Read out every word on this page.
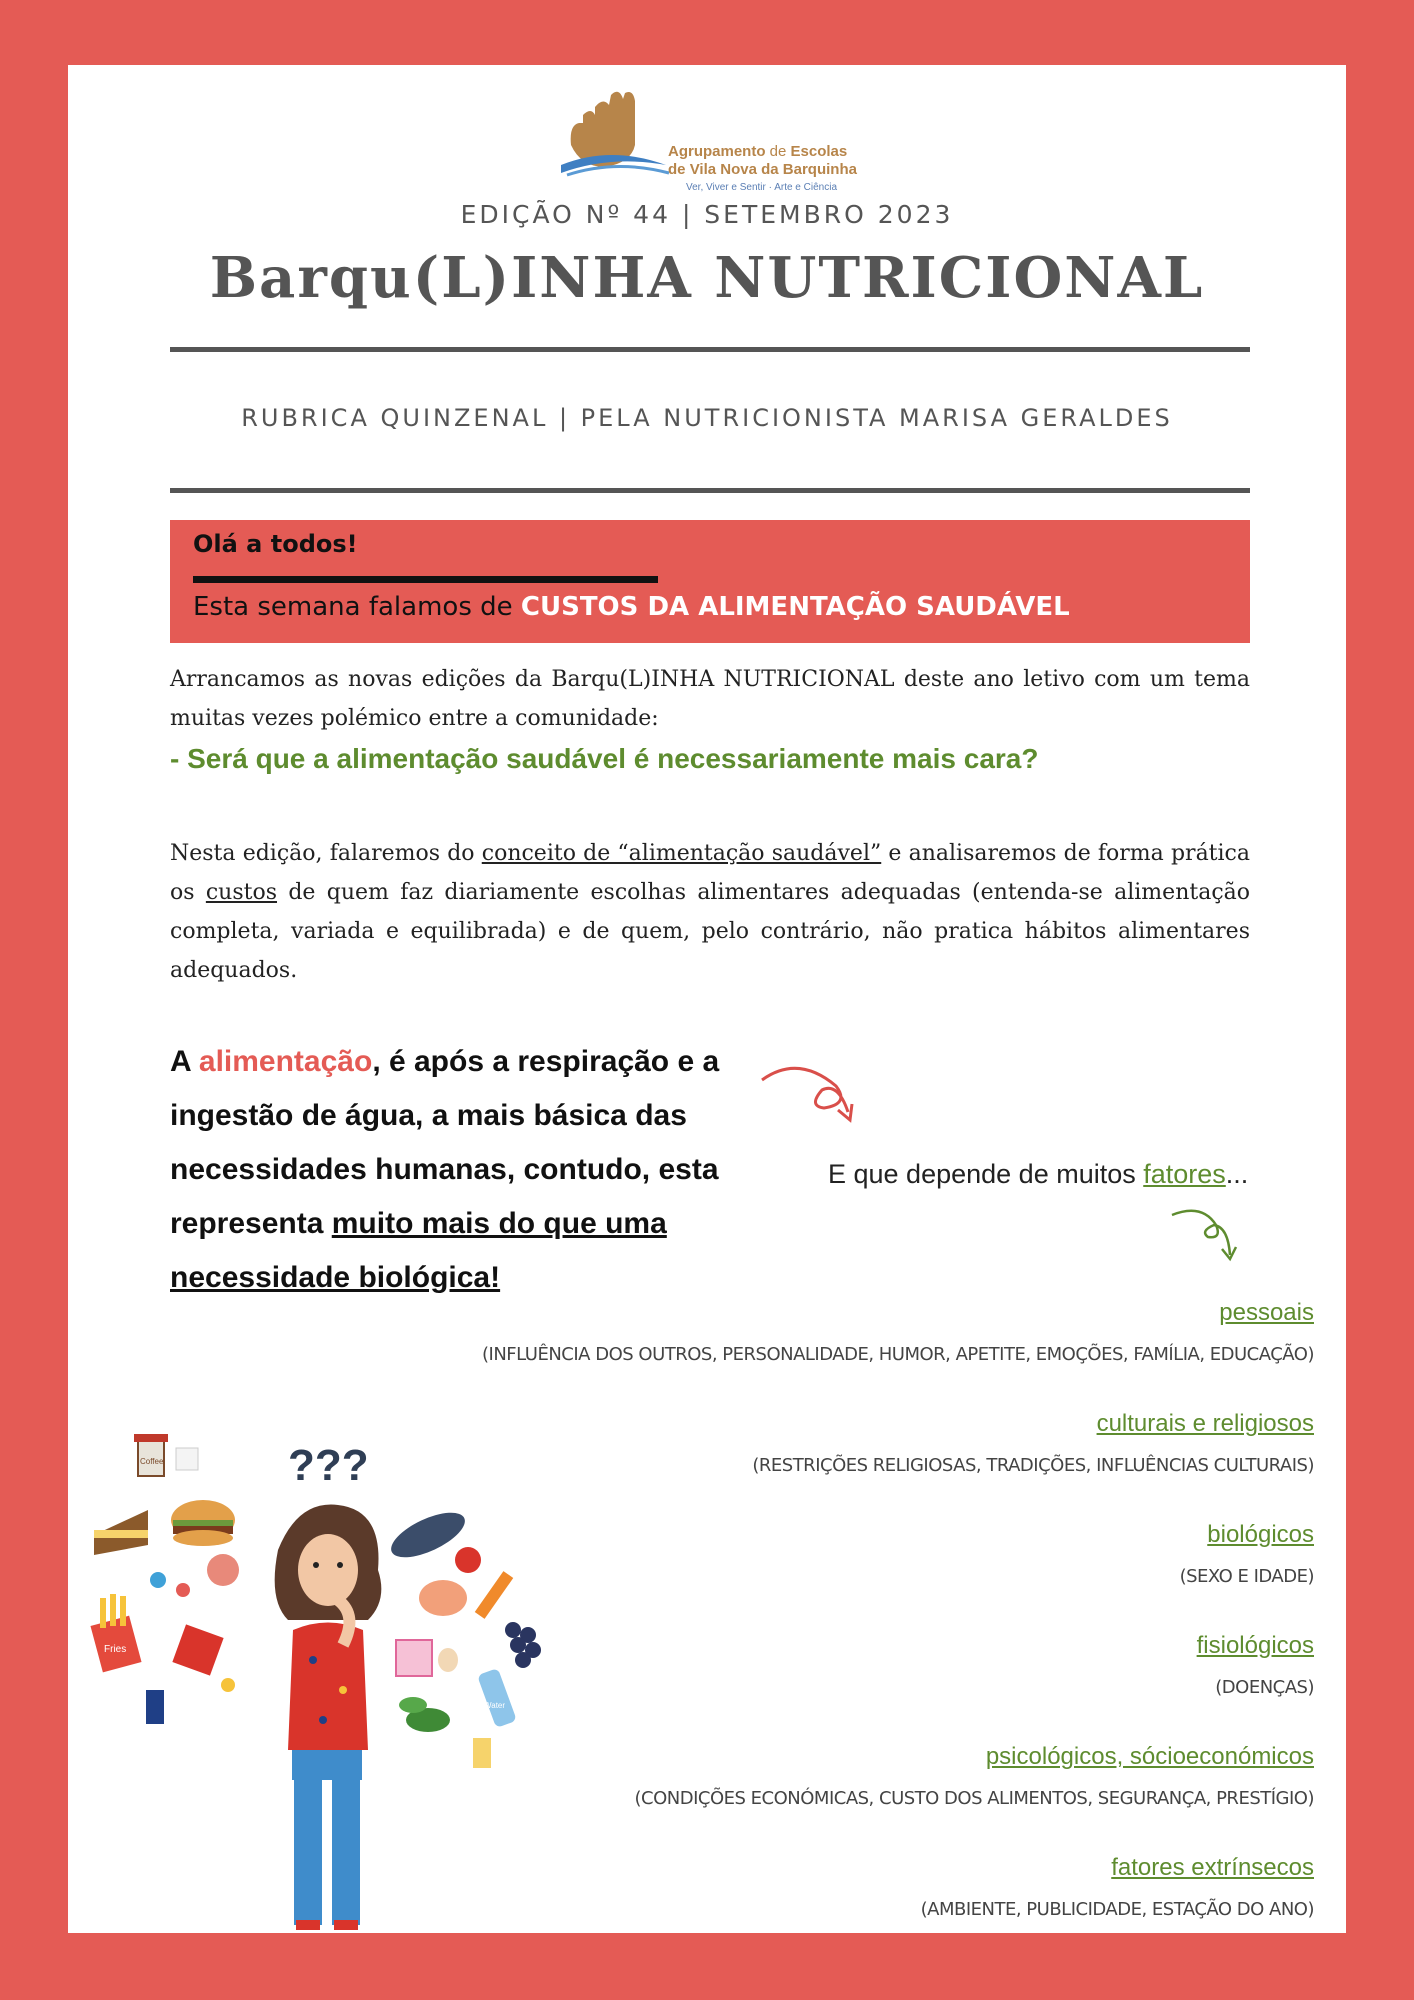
Agrupamento de Escolas
de Vila Nova da Barquinha
Ver, Viver e Sentir · Arte e Ciência
EDIÇÃO Nº 44 | SETEMBRO 2023
Barqu(L)INHA NUTRICIONAL
RUBRICA QUINZENAL | PELA NUTRICIONISTA MARISA GERALDES
Olá a todos!
Esta semana falamos de CUSTOS DA ALIMENTAÇÃO SAUDÁVEL
Arrancamos as novas edições da Barqu(L)INHA NUTRICIONAL deste ano letivo com um tema muitas vezes polémico entre a comunidade:
- Será que a alimentação saudável é necessariamente mais cara?
Nesta edição, falaremos do conceito de “alimentação saudável” e analisaremos de forma prática os custos de quem faz diariamente escolhas alimentares adequadas (entenda-se alimentação completa, variada e equilibrada) e de quem, pelo contrário, não pratica hábitos alimentares adequados.
A alimentação, é após a respiração e a ingestão de água, a mais básica das necessidades humanas, contudo, esta representa muito mais do que uma necessidade biológica!
E que depende de muitos fatores...
pessoais
(INFLUÊNCIA DOS OUTROS, PERSONALIDADE, HUMOR, APETITE, EMOÇÕES, FAMÍLIA, EDUCAÇÃO)
culturais e religiosos
(RESTRIÇÕES RELIGIOSAS, TRADIÇÕES, INFLUÊNCIAS CULTURAIS)
biológicos
(SEXO E IDADE)
fisiológicos
(DOENÇAS)
psicológicos, sócioeconómicos
(CONDIÇÕES ECONÓMICAS, CUSTO DOS ALIMENTOS, SEGURANÇA, PRESTÍGIO)
fatores extrínsecos
(AMBIENTE, PUBLICIDADE, ESTAÇÃO DO ANO)
???
Coffee
Fries
Water
